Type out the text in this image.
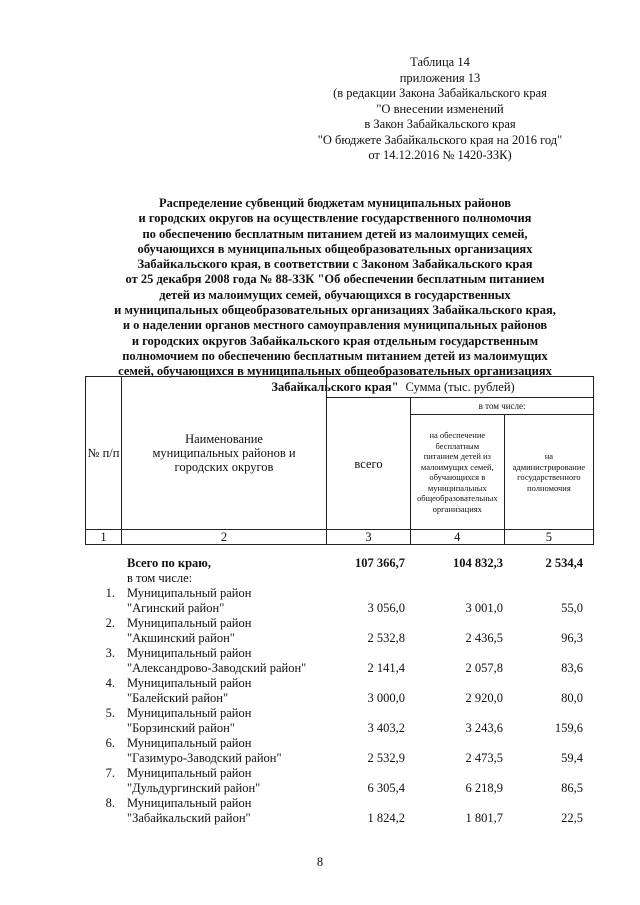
Таблица 14
приложения 13
(в редакции Закона Забайкальского края
"О внесении изменений
в Закон Забайкальского края
"О бюджете Забайкальского края на 2016 год"
от 14.12.2016 № 1420-ЗЗК)
Распределение субвенций бюджетам муниципальных районов
и городских округов на осуществление государственного полномочия
по обеспечению бесплатным питанием детей из малоимущих семей,
обучающихся в муниципальных общеобразовательных организациях
Забайкальского края, в соответствии с Законом Забайкальского края
от 25 декабря 2008 года № 88-ЗЗК "Об обеспечении бесплатным питанием
детей из малоимущих семей, обучающихся в государственных
и муниципальных общеобразовательных организациях Забайкальского края,
и о наделении органов местного самоуправления муниципальных районов
и городских округов Забайкальского края отдельным государственным
полномочием по обеспечению бесплатным питанием детей из малоимущих
семей, обучающихся в муниципальных общеобразовательных организациях
Забайкальского края"
№ п/п	Наименование муниципальных районов и городских округов	Сумма (тыс. рублей)		
		всего	в том числе:	
			на обеспечение бесплатным питанием детей из малоимущих семей, обучающихся в муниципальных общеобразовательных организациях	на администрирование государственного полномочия
1	2	3	4	5
Всего по краю,	107 366,7	104 832,3	2 534,4
в том числе:
1. Муниципальный район
"Агинский район"	3 056,0	3 001,0	55,0
2. Муниципальный район
"Акшинский район"	2 532,8	2 436,5	96,3
3. Муниципальный район
"Александрово-Заводский район"	2 141,4	2 057,8	83,6
4. Муниципальный район
"Балейский район"	3 000,0	2 920,0	80,0
5. Муниципальный район
"Борзинский район"	3 403,2	3 243,6	159,6
6. Муниципальный район
"Газимуро-Заводский район"	2 532,9	2 473,5	59,4
7. Муниципальный район
"Дульдургинский район"	6 305,4	6 218,9	86,5
8. Муниципальный район
"Забайкальский район"	1 824,2	1 801,7	22,5
8
